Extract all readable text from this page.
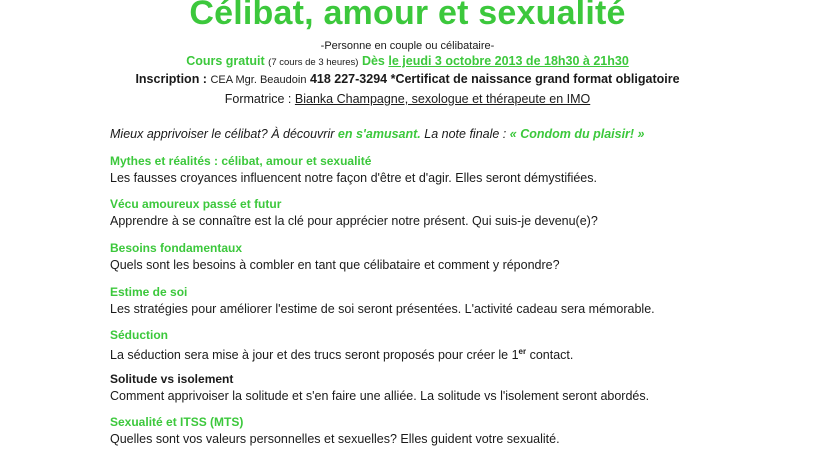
Célibat, amour et sexualité
-Personne en couple ou célibataire-
Cours gratuit (7 cours de 3 heures) Dès le jeudi 3 octobre 2013 de 18h30 à 21h30
Inscription : CEA Mgr. Beaudoin 418 227-3294 *Certificat de naissance grand format obligatoire
Formatrice : Bianka Champagne, sexologue et thérapeute en IMO
Mieux apprivoiser le célibat? À découvrir en s'amusant. La note finale : « Condom du plaisir! »
Mythes et réalités : célibat, amour et sexualité
Les fausses croyances influencent notre façon d'être et d'agir. Elles seront démystifiées.
Vécu amoureux passé et futur
Apprendre à se connaître est la clé pour apprécier notre présent. Qui suis-je devenu(e)?
Besoins fondamentaux
Quels sont les besoins à combler en tant que célibataire et comment y répondre?
Estime de soi
Les stratégies pour améliorer l'estime de soi seront présentées. L'activité cadeau sera mémorable.
Séduction
La séduction sera mise à jour et des trucs seront proposés pour créer le 1er contact.
Solitude vs isolement
Comment apprivoiser la solitude et s'en faire une alliée. La solitude vs l'isolement seront abordés.
Sexualité et ITSS (MTS)
Quelles sont vos valeurs personnelles et sexuelles? Elles guident votre sexualité.
